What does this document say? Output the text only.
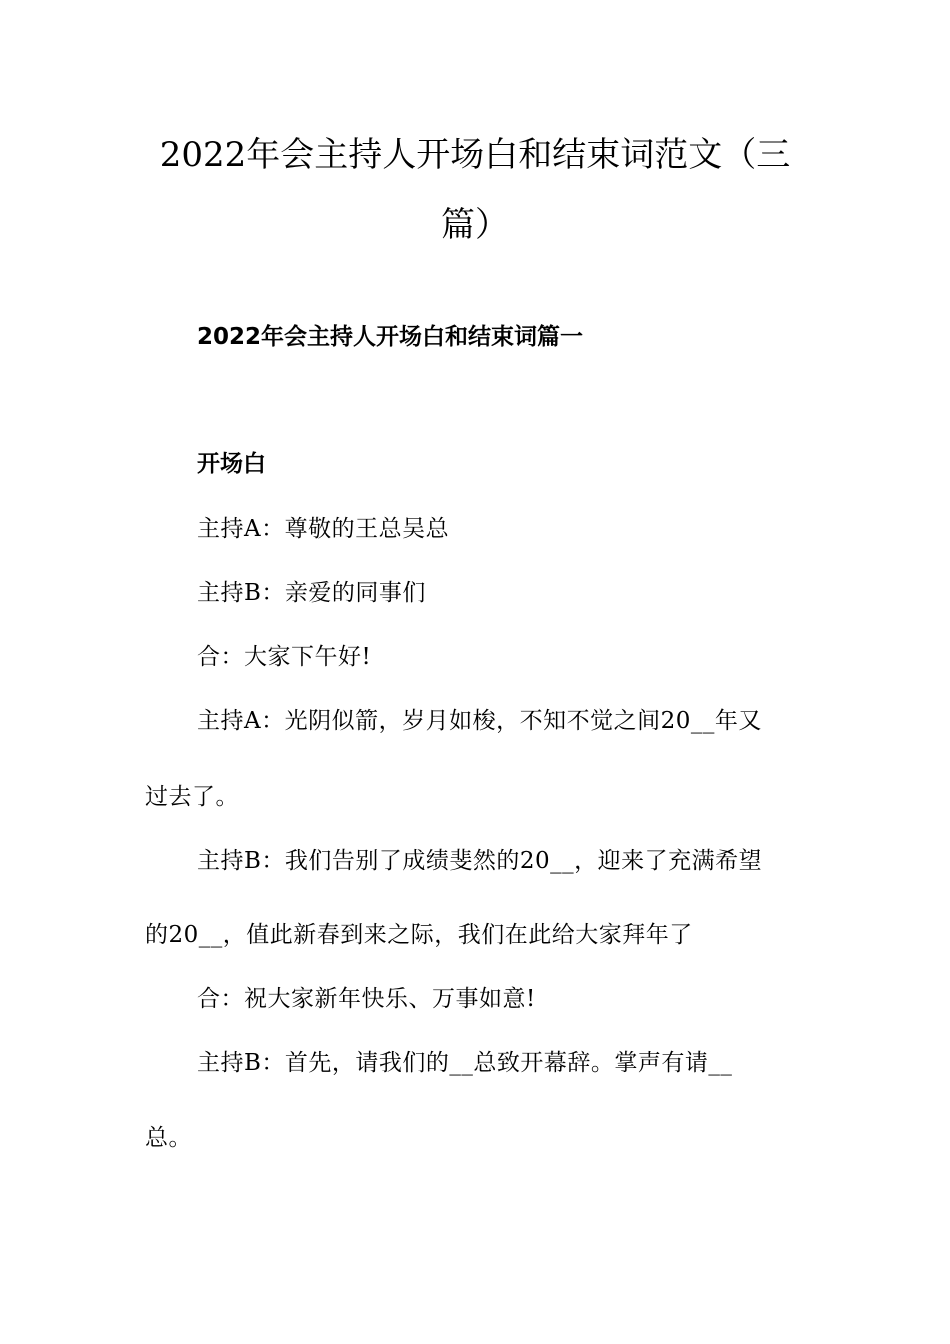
2022年会主持人开场白和结束词范文（三
篇）
2022年会主持人开场白和结束词篇一
开场白

主持A：尊敬的王总吴总

主持B：亲爱的同事们

合：大家下午好!

主持A：光阴似箭，岁月如梭，不知不觉之间20__年又

过去了。

主持B：我们告别了成绩斐然的20__，迎来了充满希望

的20__，值此新春到来之际，我们在此给大家拜年了

合：祝大家新年快乐、万事如意!

主持B：首先，请我们的__总致开幕辞。掌声有请__

总。
